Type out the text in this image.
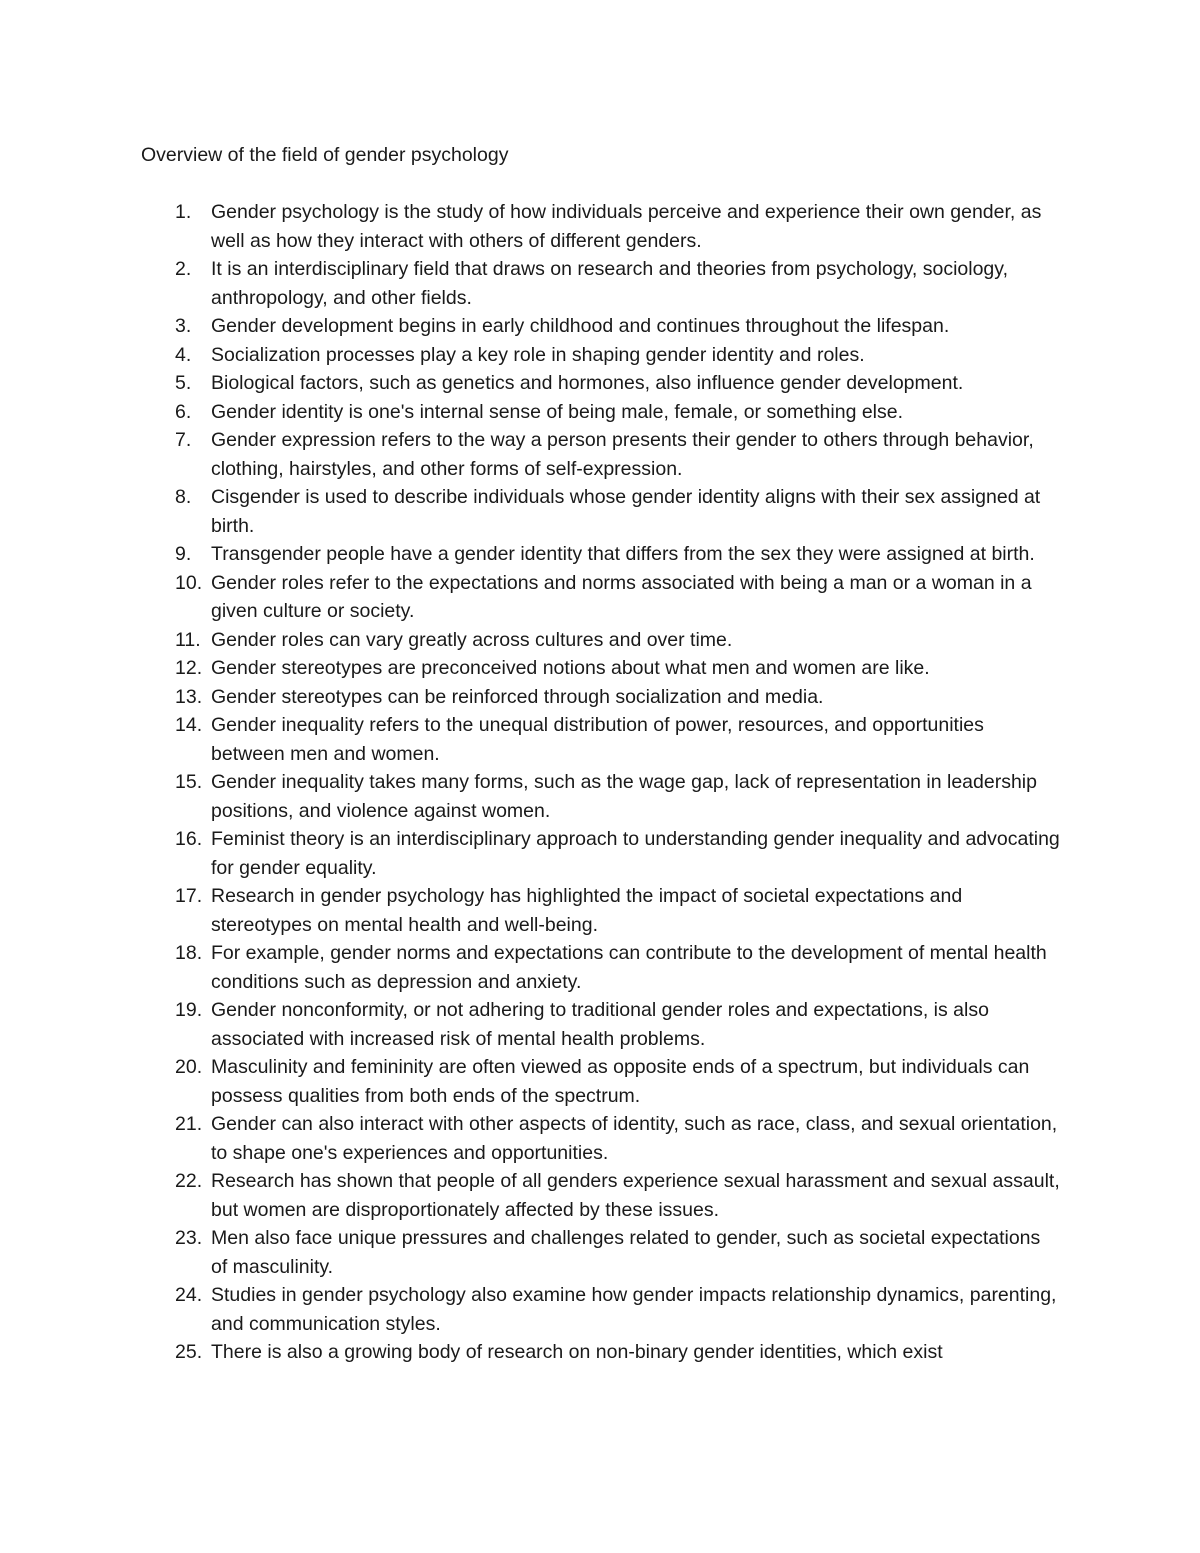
Overview of the field of gender psychology
1.	Gender psychology is the study of how individuals perceive and experience their own gender, as well as how they interact with others of different genders.
2.	It is an interdisciplinary field that draws on research and theories from psychology, sociology, anthropology, and other fields.
3.	Gender development begins in early childhood and continues throughout the lifespan.
4.	Socialization processes play a key role in shaping gender identity and roles.
5.	Biological factors, such as genetics and hormones, also influence gender development.
6.	Gender identity is one's internal sense of being male, female, or something else.
7.	Gender expression refers to the way a person presents their gender to others through behavior, clothing, hairstyles, and other forms of self-expression.
8.	Cisgender is used to describe individuals whose gender identity aligns with their sex assigned at birth.
9.	Transgender people have a gender identity that differs from the sex they were assigned at birth.
10. Gender roles refer to the expectations and norms associated with being a man or a woman in a given culture or society.
11. Gender roles can vary greatly across cultures and over time.
12. Gender stereotypes are preconceived notions about what men and women are like.
13. Gender stereotypes can be reinforced through socialization and media.
14. Gender inequality refers to the unequal distribution of power, resources, and opportunities between men and women.
15. Gender inequality takes many forms, such as the wage gap, lack of representation in leadership positions, and violence against women.
16. Feminist theory is an interdisciplinary approach to understanding gender inequality and advocating for gender equality.
17. Research in gender psychology has highlighted the impact of societal expectations and stereotypes on mental health and well-being.
18. For example, gender norms and expectations can contribute to the development of mental health conditions such as depression and anxiety.
19. Gender nonconformity, or not adhering to traditional gender roles and expectations, is also associated with increased risk of mental health problems.
20. Masculinity and femininity are often viewed as opposite ends of a spectrum, but individuals can possess qualities from both ends of the spectrum.
21. Gender can also interact with other aspects of identity, such as race, class, and sexual orientation, to shape one's experiences and opportunities.
22. Research has shown that people of all genders experience sexual harassment and sexual assault, but women are disproportionately affected by these issues.
23. Men also face unique pressures and challenges related to gender, such as societal expectations of masculinity.
24. Studies in gender psychology also examine how gender impacts relationship dynamics, parenting, and communication styles.
25. There is also a growing body of research on non-binary gender identities, which exist
